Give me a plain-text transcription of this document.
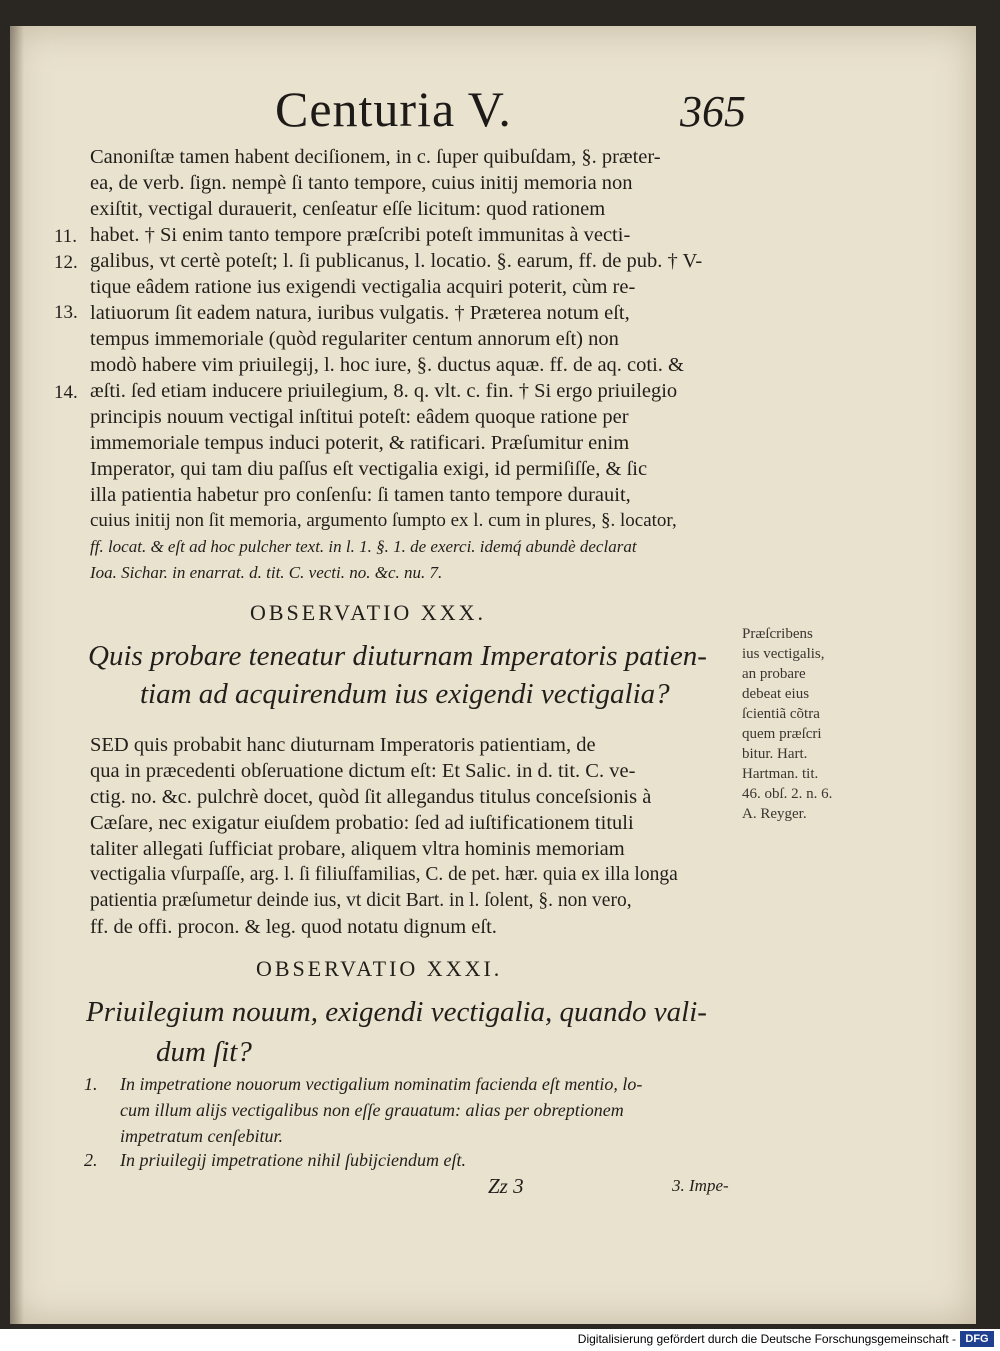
Centuria V.	365
Canoniſtæ tamen habent deciſionem, in c. ſuper quibuſdam, §. præter-
ea, de verb. ſign. nempè ſi tanto tempore, cuius initij memoria non
exiſtit, vectigal durauerit, cenſeatur eſſe licitum: quod rationem
habet. † Si enim tanto tempore præſcribi poteſt immunitas à vecti-
galibus, vt certè poteſt; l. ſi publicanus, l. locatio. §. earum, ff. de pub. † V-
tique eâdem ratione ius exigendi vectigalia acquiri poterit, cùm re-
latiuorum ſit eadem natura, iuribus vulgatis. † Præterea notum eſt,
tempus immemoriale (quòd regulariter centum annorum eſt) non
modò habere vim priuilegij, l. hoc iure, §. ductus aquæ. ff. de aq. coti. &
æſti. ſed etiam inducere priuilegium, 8. q. vlt. c. fin. † Si ergo priuilegio
principis nouum vectigal inſtitui poteſt: eâdem quoque ratione per
immemoriale tempus induci poterit, & ratificari. Præſumitur enim
Imperator, qui tam diu paſſus eſt vectigalia exigi, id permiſiſſe, & ſic
illa patientia habetur pro conſenſu: ſi tamen tanto tempore durauit,
cuius initij non ſit memoria, argumento ſumpto ex l. cum in plures, §. locator,
ff. locat. & eſt ad hoc pulcher text. in l. 1. §. 1. de exerci. idemq́ abundè declarat
Ioa. Sichar. in enarrat. d. tit. C. vecti. no. &c. nu. 7.
11.
12.
13.
14.
OBSERVATIO XXX.
Quis probare teneatur diuturnam Imperatoris patien-
tiam ad acquirendum ius exigendi vectigalia?
SED quis probabit hanc diuturnam Imperatoris patientiam, de
qua in præcedenti obſeruatione dictum eſt: Et Salic. in d. tit. C. ve-
ctig. no. &c. pulchrè docet, quòd ſit allegandus titulus conceſsionis à
Cæſare, nec exigatur eiuſdem probatio: ſed ad iuſtificationem tituli
taliter allegati ſufficiat probare, aliquem vltra hominis memoriam
vectigalia vſurpaſſe, arg. l. ſi filiuſfamilias, C. de pet. hær. quia ex illa longa
patientia præſumetur deinde ius, vt dicit Bart. in l. ſolent, §. non vero,
ff. de offi. procon. & leg. quod notatu dignum eſt.
Præſcribens
ius vectigalis,
an probare
debeat eius
ſcientiã cõtra
quem præſcri
bitur. Hart.
Hartman. tit.
46. obſ. 2. n. 6.
A. Reyger.
OBSERVATIO XXXI.
Priuilegium nouum, exigendi vectigalia, quando vali-
dum ſit?
1. In impetratione nouorum vectigalium nominatim facienda eſt mentio, lo-
cum illum alijs vectigalibus non eſſe grauatum: alias per obreptionem
impetratum cenſebitur.
2. In priuilegij impetratione nihil ſubijciendum eſt.
Zz 3	3. Impe-
Digitalisierung gefördert durch die Deutsche Forschungsgemeinschaft - DFG
